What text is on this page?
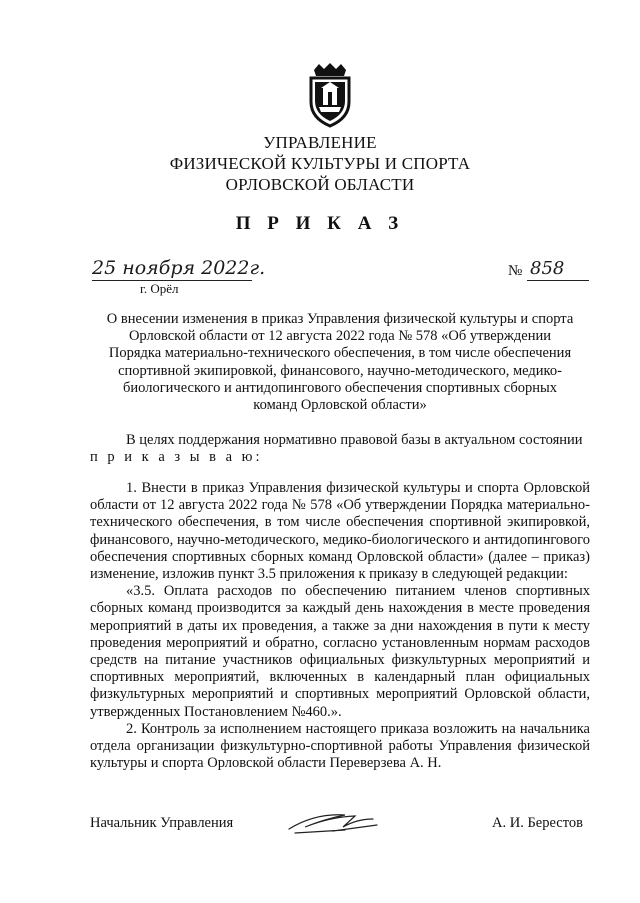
УПРАВЛЕНИЕ
ФИЗИЧЕСКОЙ КУЛЬТУРЫ И СПОРТА
ОРЛОВСКОЙ ОБЛАСТИ
П Р И К А З
25 ноября 2022г.	№ 858
г. Орёл
О внесении изменения в приказ Управления физической культуры и спорта
Орловской области от 12 августа 2022 года № 578 «Об утверждении
Порядка материально-технического обеспечения, в том числе обеспечения
спортивной экипировкой, финансового, научно-методического, медико-
биологического и антидопингового обеспечения спортивных сборных
команд Орловской области»

В целях поддержания нормативно правовой базы в актуальном состоянии

п р и к а з ы в а ю:

1. Внести в приказ Управления физической культуры и спорта Орловской области от 12 августа 2022 года № 578 «Об утверждении Порядка материально-технического обеспечения, в том числе обеспечения спортивной экипировкой, финансового, научно-методического, медико-биологического и антидопингового обеспечения спортивных сборных команд Орловской области» (далее – приказ) изменение, изложив пункт 3.5 приложения к приказу в следующей редакции:

«3.5. Оплата расходов по обеспечению питанием членов спортивных сборных команд производится за каждый день нахождения в месте проведения мероприятий в даты их проведения, а также за дни нахождения в пути к месту проведения мероприятий и обратно, согласно установленным нормам расходов средств на питание участников официальных физкультурных мероприятий и спортивных мероприятий, включенных в календарный план официальных физкультурных мероприятий и спортивных мероприятий Орловской области, утвержденных Постановлением №460.».

2. Контроль за исполнением настоящего приказа возложить на начальника отдела организации физкультурно-спортивной работы Управления физической культуры и спорта Орловской области Переверзева А. Н.

Начальник Управления	А. И. Берестов
